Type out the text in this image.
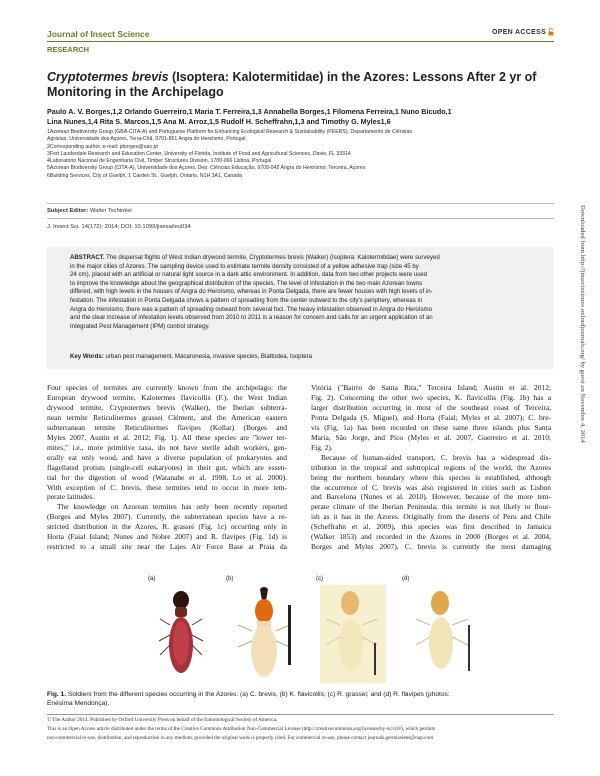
Journal of Insect Science	OPEN ACCESS
RESEARCH
Cryptotermes brevis (Isoptera: Kalotermitidae) in the Azores: Lessons After 2 yr of Monitoring in the Archipelago
Paulo A. V. Borges,1,2 Orlando Guerreiro,1 Maria T. Ferreira,1,3 Annabella Borges,1 Filomena Ferreira,1 Nuno Bicudo,1
Lina Nunes,1,4 Rita S. Marcos,1,5 Ana M. Arroz,1,5 Rudolf H. Scheffrahn,1,3 and Timothy G. Myles1,6
1Azorean Biodiversity Group (GBA-CITA-A) and Portuguese Platform for Enhancing Ecological Research & Sustainability (PEERS), Departamento de Ciências
Agrárias, Universidade dos Açores, Terra-Chã, 9701-851 Angra do Heroísmo, Portugal
2Corresponding author, e-mail: pborges@uac.pt
3Fort Lauderdale Research and Education Center, University of Florida, Institute of Food and Agricultural Sciences, Davie, FL 33314
4Laboratório Nacional de Engenharia Civil, Timber Structures Division, 1700-066 Lisboa, Portugal
5Azorean Biodiversity Group (CITA-A), Universidade dos Açores, Dep. Ciências Educação, 9700-042 Angra do Heroísmo, Terceira, Açores
6Building Services, City of Guelph, 1 Carden St., Guelph, Ontario, N1H 3A1, Canada
Subject Editor: Walter Tschinkel
J. Insect Sci. 14(172): 2014; DOI: 10.1093/jisesa/ieu034
ABSTRACT. The dispersal flights of West Indian drywood termite, Cryptotermes brevis (Walker) (Isoptera: Kalotermitidae) were surveyed
in the major cities of Azores. The sampling device used to estimate termite density consisted of a yellow adhesive trap (size 45 by
24 cm), placed with an artificial or natural light source in a dark attic environment. In addition, data from two other projects were used
to improve the knowledge about the geographical distribution of the species. The level of infestation in the two main Azorean towns
differed, with high levels in the houses of Angra do Heroísmo, whereas in Ponta Delgada, there are fewer houses with high levels of in-
festation. The infestation in Ponta Delgada shows a pattern of spreading from the center outward to the city's periphery, whereas in
Angra do Heroísmo, there was a pattern of spreading outward from several foci. The heavy infestation observed in Angra do Heroísmo
and the clear increase of infestation levels observed from 2010 to 2011 is a reason for concern and calls for an urgent application of an
Integrated Pest Management (IPM) control strategy.
Key Words: urban pest management, Macaronesia, invasive species, Blattodea, Isoptera
Four species of termites are currently known from the archipelago: the
European drywood termite, Kalotermes flavicollis (F.), the West Indian
drywood termite, Cryptotermes brevis (Walker), the Iberian subterra-
nean termite Reticulitermes grassei Clément, and the American eastern
subterranean termite Reticulitermes flavipes (Kollar) (Borges and
Myles 2007, Austin et al. 2012; Fig. 1). All these species are "lower ter-
mites," i.e., more primitive taxa, do not have sterile adult workers, gen-
erally eat only wood, and have a diverse population of prokaryotes and
flagellated protists (single-cell eukaryotes) in their gut, which are essen-
tial for the digestion of wood (Watanabe et al. 1998, Lo et al. 2000).
With exception of C. brevis, these termites tend to occur in more tem-
perate latitudes.
The knowledge on Azorean termites has only been recently reported
(Borges and Myles 2007). Currently, the subterranean species have a re-
stricted distribution in the Azores, R. grassei (Fig. 1c) occurring only in
Horta (Faial Island; Nunes and Nobre 2007) and R. flavipes (Fig. 1d) is
restricted to a small site near the Lajes Air Force Base at Praia da
Vitória ("Bairro de Santa Rita," Terceira Island; Austin et al. 2012;
Fig. 2). Concerning the other two species, K. flavicollis (Fig. 1b) has a
larger distribution occurring in most of the southeast coast of Terceira,
Ponta Delgada (S. Miguel), and Horta (Faial; Myles et al. 2007); C. bre-
vis (Fig. 1a) has been recorded on these same three islands plus Santa
Maria, São Jorge, and Pico (Myles et al. 2007, Guerreiro et al. 2010;
Fig. 2).
Because of human-aided transport, C. brevis has a widespread dis-
tribution in the tropical and subtropical regions of the world, the Azores
being the northern boundary where this species is established, although
the occurrence of C. brevis was also registered in cities such as Lisbon
and Barcelona (Nunes et al. 2010). However, because of the more tem-
perate climate of the Iberian Peninsula, this termite is not likely to flour-
ish as it has in the Azores. Originally from the deserts of Peru and Chile
(Scheffrahn et al. 2009), this species was first described in Jamaica
(Walker 1853) and recorded in the Azores in 2000 (Borges et al. 2004,
Borges and Myles 2007). C. brevis is currently the most damaging
Downloaded from http://jinsectscience.oxfordjournals.org/ by guest on November 4, 2014
(a)	(b)	(c)	(d)
Fig. 1. Soldiers from the different species occurring in the Azores: (a) C. brevis, (b) K. flavicollis; (c) R. grassei; and (d) R. flavipes (photos:
Enésima Mendonça).
© The Author 2014. Published by Oxford University Press on behalf of the Entomological Society of America.
This is an Open Access article distributed under the terms of the Creative Commons Attribution Non-Commercial License (http://creativecommons.org/licenses/by-nc/4.0/), which permits
non-commercial re-use, distribution, and reproduction in any medium, provided the original work is properly cited. For commercial re-use, please contact journals.permissions@oup.com
